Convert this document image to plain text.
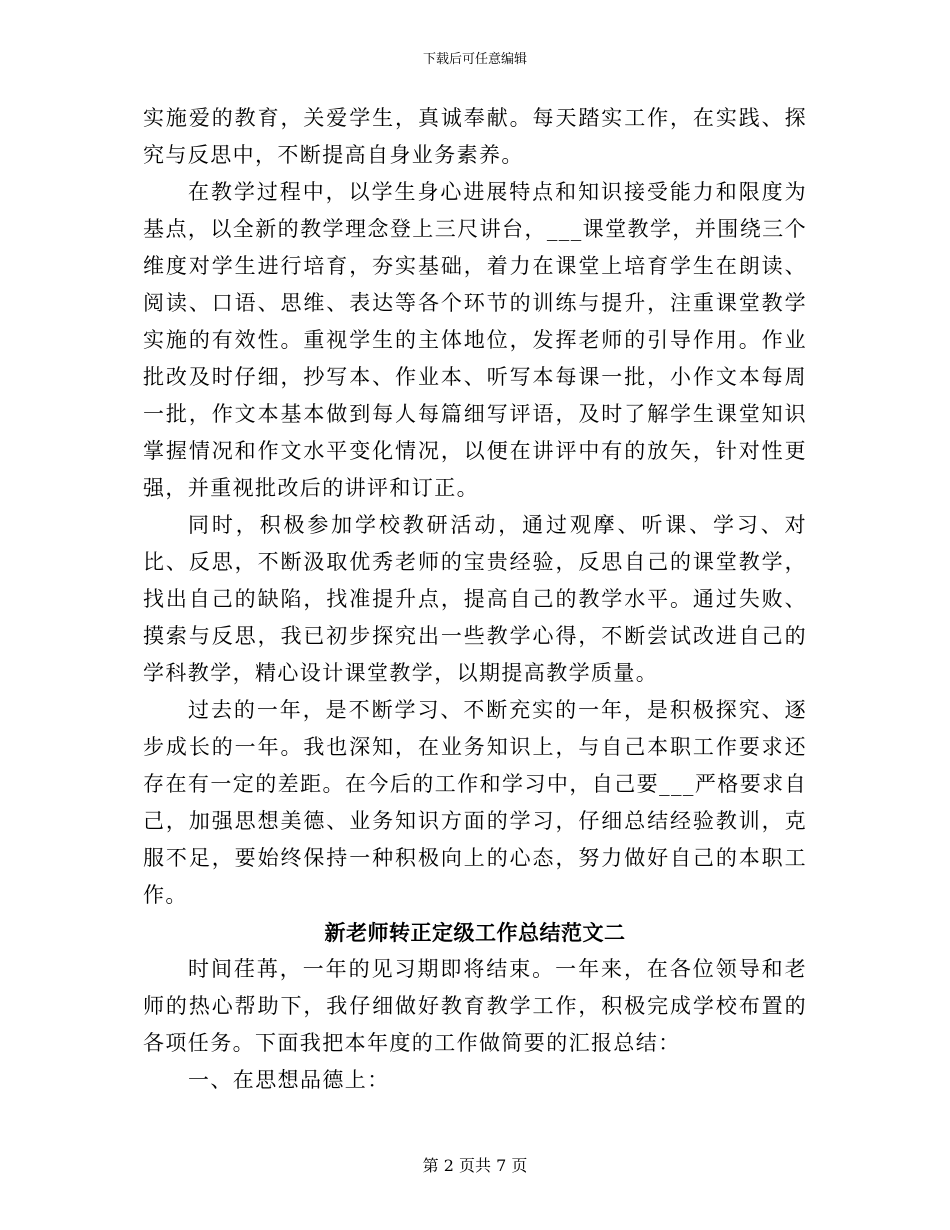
下载后可任意编辑

实施爱的教育，关爱学生，真诚奉献。每天踏实工作，在实践、探究与反思中，不断提高自身业务素养。

在教学过程中，以学生身心进展特点和知识接受能力和限度为基点，以全新的教学理念登上三尺讲台，___课堂教学，并围绕三个维度对学生进行培育，夯实基础，着力在课堂上培育学生在朗读、阅读、口语、思维、表达等各个环节的训练与提升，注重课堂教学实施的有效性。重视学生的主体地位，发挥老师的引导作用。作业批改及时仔细，抄写本、作业本、听写本每课一批，小作文本每周一批，作文本基本做到每人每篇细写评语，及时了解学生课堂知识掌握情况和作文水平变化情况，以便在讲评中有的放矢，针对性更强，并重视批改后的讲评和订正。

同时，积极参加学校教研活动，通过观摩、听课、学习、对比、反思，不断汲取优秀老师的宝贵经验，反思自己的课堂教学，找出自己的缺陷，找准提升点，提高自己的教学水平。通过失败、摸索与反思，我已初步探究出一些教学心得，不断尝试改进自己的学科教学，精心设计课堂教学，以期提高教学质量。

过去的一年，是不断学习、不断充实的一年，是积极探究、逐步成长的一年。我也深知，在业务知识上，与自己本职工作要求还存在有一定的差距。在今后的工作和学习中，自己要___严格要求自己，加强思想美德、业务知识方面的学习，仔细总结经验教训，克服不足，要始终保持一种积极向上的心态，努力做好自己的本职工作。

新老师转正定级工作总结范文二

时间荏苒，一年的见习期即将结束。一年来，在各位领导和老师的热心帮助下，我仔细做好教育教学工作，积极完成学校布置的各项任务。下面我把本年度的工作做简要的汇报总结：

一、在思想品德上：

第 2 页共 7 页
